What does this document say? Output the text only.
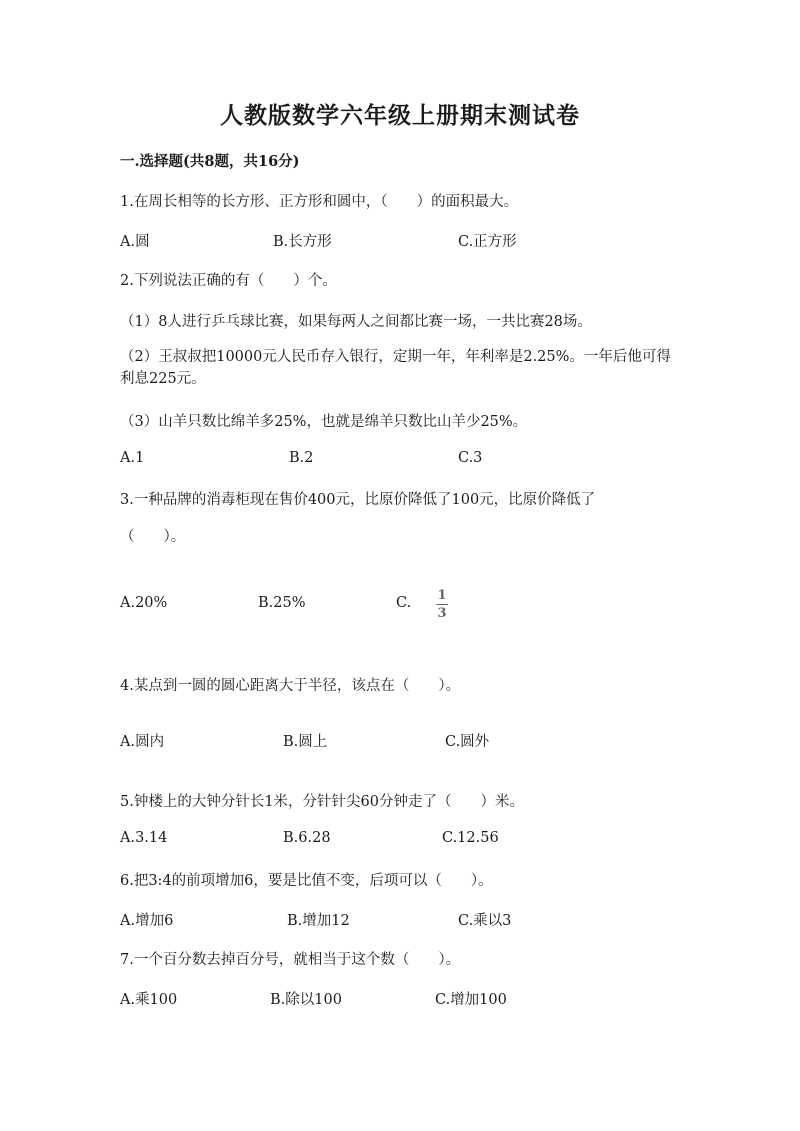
人教版数学六年级上册期末测试卷
一.选择题(共8题，共16分)
1.在周长相等的长方形、正方形和圆中，（　　）的面积最大。
A.圆	B.长方形	C.正方形
2.下列说法正确的有（　　）个。
（1）8人进行乒乓球比赛，如果每两人之间都比赛一场，一共比赛28场。
（2）王叔叔把10000元人民币存入银行，定期一年，年利率是2.25%。一年后他可得利息225元。
（3）山羊只数比绵羊多25%，也就是绵羊只数比山羊少25%。
A.1	B.2	C.3
3.一种品牌的消毒柜现在售价400元，比原价降低了100元，比原价降低了
（　　）。
A.20%	B.25%	C. 1
3
4.某点到一圆的圆心距离大于半径，该点在（　　）。
A.圆内	B.圆上	C.圆外
5.钟楼上的大钟分针长1米，分针针尖60分钟走了（　　）米。
A.3.14	B.6.28	C.12.56
6.把3:4的前项增加6，要是比值不变，后项可以（　　）。
A.增加6	B.增加12	C.乘以3
7.一个百分数去掉百分号，就相当于这个数（　　）。
A.乘100	B.除以100	C.增加100
